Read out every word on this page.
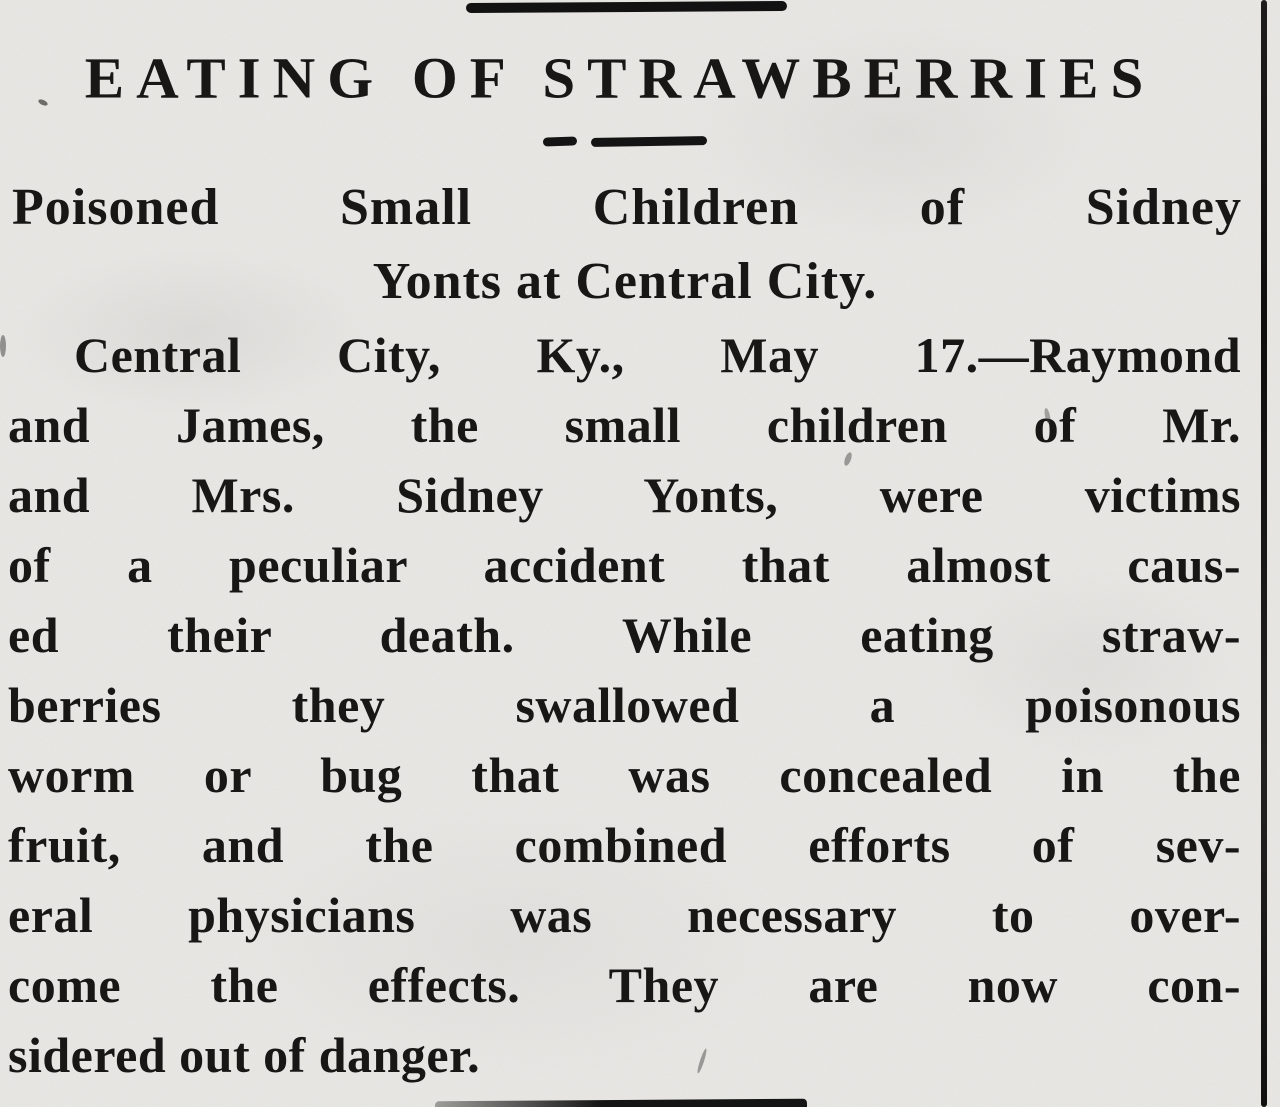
EATING OF STRAWBERRIES
Poisoned Small Children of Sidney
Yonts at Central City.
Central City, Ky., May 17.—Raymond
and James, the small children of Mr.
and Mrs. Sidney Yonts, were victims
of a peculiar accident that almost caus-
ed their death. While eating straw-
berries they swallowed a poisonous
worm or bug that was concealed in the
fruit, and the combined efforts of sev-
eral physicians was necessary to over-
come the effects. They are now con-
sidered out of danger.
